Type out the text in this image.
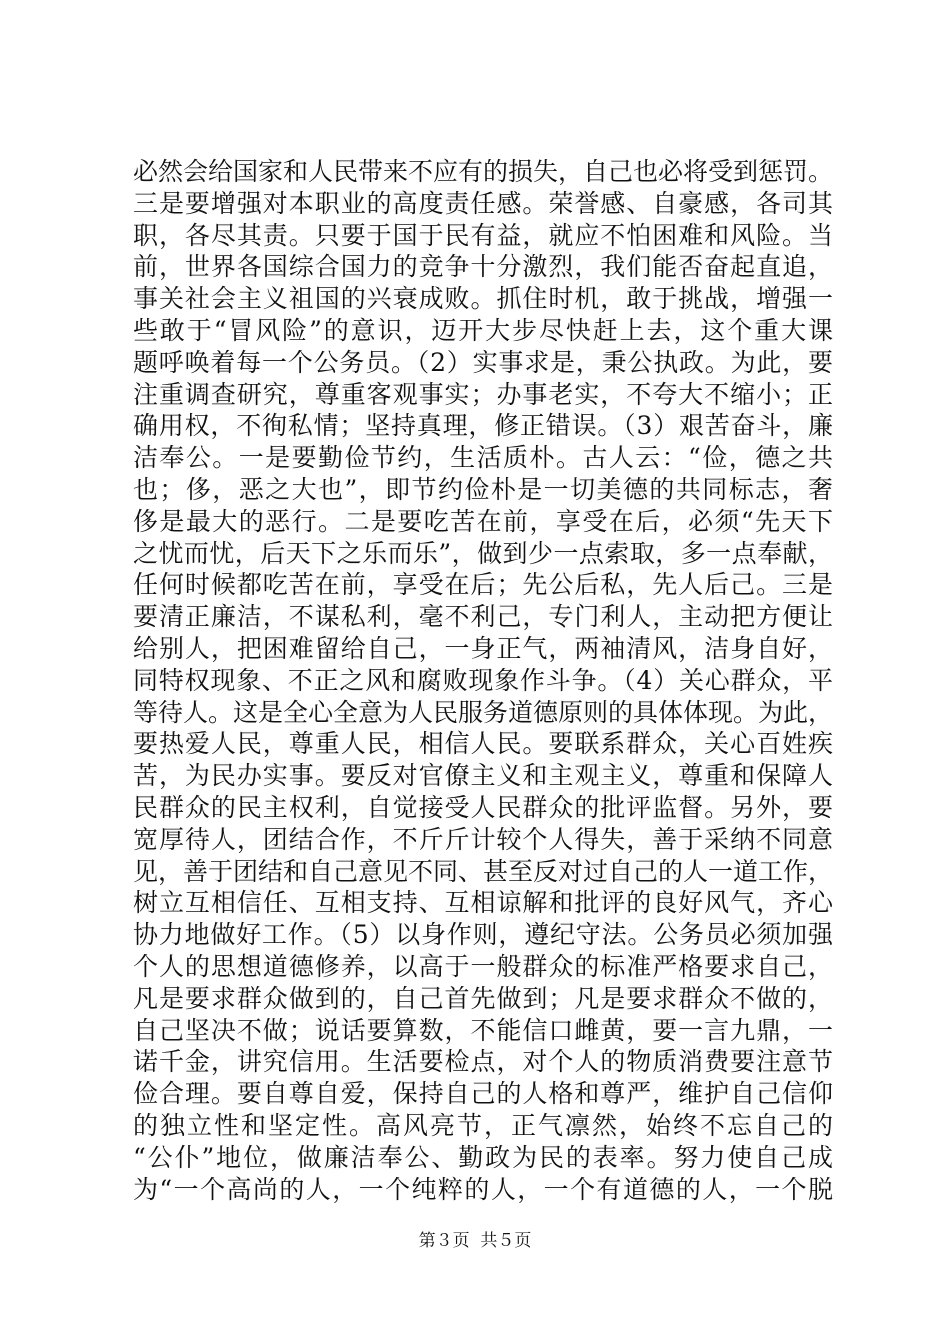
必然会给国家和人民带来不应有的损失，自己也必将受到惩罚。
三是要增强对本职业的高度责任感。荣誉感、自豪感，各司其
职，各尽其责。只要于国于民有益，就应不怕困难和风险。当
前，世界各国综合国力的竞争十分激烈，我们能否奋起直追，
事关社会主义祖国的兴衰成败。抓住时机，敢于挑战，增强一
些敢于“冒风险”的意识，迈开大步尽快赶上去，这个重大课
题呼唤着每一个公务员。（2）实事求是，秉公执政。为此，要
注重调查研究，尊重客观事实；办事老实，不夸大不缩小；正
确用权，不徇私情；坚持真理，修正错误。（3）艰苦奋斗，廉
洁奉公。一是要勤俭节约，生活质朴。古人云：“俭，德之共
也；侈，恶之大也”，即节约俭朴是一切美德的共同标志，奢
侈是最大的恶行。二是要吃苦在前，享受在后，必须“先天下
之忧而忧，后天下之乐而乐”，做到少一点索取，多一点奉献，
任何时候都吃苦在前，享受在后；先公后私，先人后己。三是
要清正廉洁，不谋私利，毫不利己，专门利人，主动把方便让
给别人，把困难留给自己，一身正气，两袖清风，洁身自好，
同特权现象、不正之风和腐败现象作斗争。（4）关心群众，平
等待人。这是全心全意为人民服务道德原则的具体体现。为此，
要热爱人民，尊重人民，相信人民。要联系群众，关心百姓疾
苦，为民办实事。要反对官僚主义和主观主义，尊重和保障人
民群众的民主权利，自觉接受人民群众的批评监督。另外，要
宽厚待人，团结合作，不斤斤计较个人得失，善于采纳不同意
见，善于团结和自己意见不同、甚至反对过自己的人一道工作，
树立互相信任、互相支持、互相谅解和批评的良好风气，齐心
协力地做好工作。（5）以身作则，遵纪守法。公务员必须加强
个人的思想道德修养，以高于一般群众的标准严格要求自己，
凡是要求群众做到的，自己首先做到；凡是要求群众不做的，
自己坚决不做；说话要算数，不能信口雌黄，要一言九鼎，一
诺千金，讲究信用。生活要检点，对个人的物质消费要注意节
俭合理。要自尊自爱，保持自己的人格和尊严，维护自己信仰
的独立性和坚定性。高风亮节，正气凛然，始终不忘自己的
“公仆”地位，做廉洁奉公、勤政为民的表率。努力使自己成
为“一个高尚的人，一个纯粹的人，一个有道德的人，一个脱
第３页  共５页
